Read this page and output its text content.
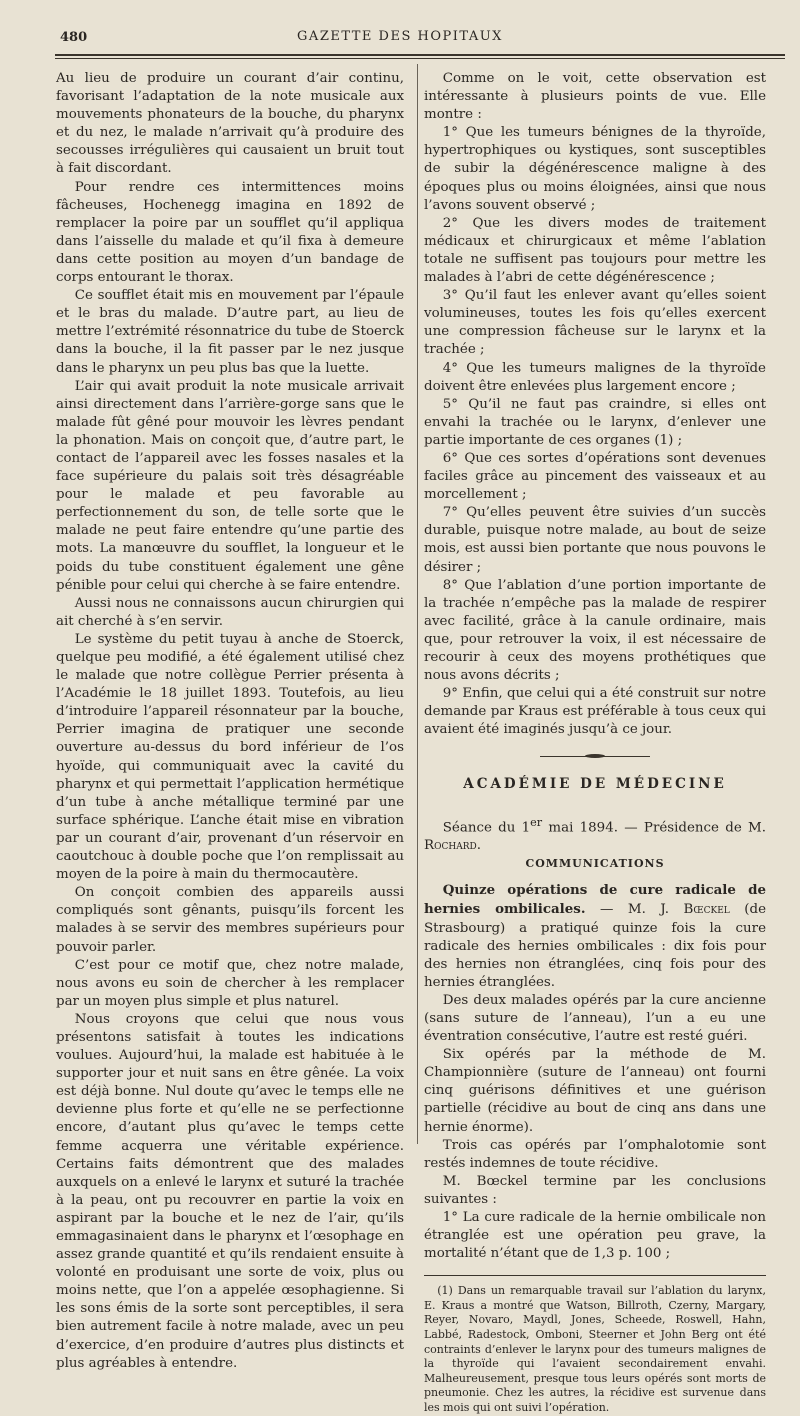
480	GAZETTE DES HOPITAUX

Au lieu de produire un courant d’air continu, favorisant l’adaptation de la note musicale aux mouvements phonateurs de la bouche, du pharynx et du nez, le malade n’arrivait qu’à produire des secousses irrégulières qui causaient un bruit tout à fait discordant.

Pour rendre ces intermittences moins fâcheuses, Hochenegg imagina en 1892 de remplacer la poire par un soufflet qu’il appliqua dans l’aisselle du malade et qu’il fixa à demeure dans cette position au moyen d’un bandage de corps entourant le thorax.

Ce soufflet était mis en mouvement par l’épaule et le bras du malade. D’autre part, au lieu de mettre l’extrémité résonnatrice du tube de Stoerck dans la bouche, il la fit passer par le nez jusque dans le pharynx un peu plus bas que la luette.

L’air qui avait produit la note musicale arrivait ainsi directement dans l’arrière-gorge sans que le malade fût gêné pour mouvoir les lèvres pendant la phonation. Mais on conçoit que, d’autre part, le contact de l’appareil avec les fosses nasales et la face supérieure du palais soit très désagréable pour le malade et peu favorable au perfectionnement du son, de telle sorte que le malade ne peut faire entendre qu’une partie des mots. La manœuvre du soufflet, la longueur et le poids du tube constituent également une gêne pénible pour celui qui cherche à se faire entendre.

Aussi nous ne connaissons aucun chirurgien qui ait cherché à s’en servir.

Le système du petit tuyau à anche de Stoerck, quelque peu modifié, a été également utilisé chez le malade que notre collègue Perrier présenta à l’Académie le 18 juillet 1893. Toutefois, au lieu d’introduire l’appareil résonnateur par la bouche, Perrier imagina de pratiquer une seconde ouverture au-dessus du bord inférieur de l’os hyoïde, qui communiquait avec la cavité du pharynx et qui permettait l’application hermétique d’un tube à anche métallique terminé par une surface sphérique. L’anche était mise en vibration par un courant d’air, provenant d’un réservoir en caoutchouc à double poche que l’on remplissait au moyen de la poire à main du thermocautère.

On conçoit combien des appareils aussi compliqués sont gênants, puisqu’ils forcent les malades à se servir des membres supérieurs pour pouvoir parler.

C’est pour ce motif que, chez notre malade, nous avons eu soin de chercher à les remplacer par un moyen plus simple et plus naturel.

Nous croyons que celui que nous vous présentons satisfait à toutes les indications voulues. Aujourd’hui, la malade est habituée à le supporter jour et nuit sans en être gênée. La voix est déjà bonne. Nul doute qu’avec le temps elle ne devienne plus forte et qu’elle ne se perfectionne encore, d’autant plus qu’avec le temps cette femme acquerra une véritable expérience. Certains faits démontrent que des malades auxquels on a enlevé le larynx et suturé la trachée à la peau, ont pu recouvrer en partie la voix en aspirant par la bouche et le nez de l’air, qu’ils emmagasinaient dans le pharynx et l’œsophage en assez grande quantité et qu’ils rendaient ensuite à volonté en produisant une sorte de voix, plus ou moins nette, que l’on a appelée œsophagienne. Si les sons émis de la sorte sont perceptibles, il sera bien autrement facile à notre malade, avec un peu d’exercice, d’en produire d’autres plus distincts et plus agréables à entendre.

Comme on le voit, cette observation est intéressante à plusieurs points de vue. Elle montre :

1° Que les tumeurs bénignes de la thyroïde, hypertrophiques ou kystiques, sont susceptibles de subir la dégénérescence maligne à des époques plus ou moins éloignées, ainsi que nous l’avons souvent observé ;

2° Que les divers modes de traitement médicaux et chirurgicaux et même l’ablation totale ne suffisent pas toujours pour mettre les malades à l’abri de cette dégénérescence ;

3° Qu’il faut les enlever avant qu’elles soient volumineuses, toutes les fois qu’elles exercent une compression fâcheuse sur le larynx et la trachée ;

4° Que les tumeurs malignes de la thyroïde doivent être enlevées plus largement encore ;

5° Qu’il ne faut pas craindre, si elles ont envahi la trachée ou le larynx, d’enlever une partie importante de ces organes (1) ;

6° Que ces sortes d’opérations sont devenues faciles grâce au pincement des vaisseaux et au morcellement ;

7° Qu’elles peuvent être suivies d’un succès durable, puisque notre malade, au bout de seize mois, est aussi bien portante que nous pouvons le désirer ;

8° Que l’ablation d’une portion importante de la trachée n’empêche pas la malade de respirer avec facilité, grâce à la canule ordinaire, mais que, pour retrouver la voix, il est nécessaire de recourir à ceux des moyens prothétiques que nous avons décrits ;

9° Enfin, que celui qui a été construit sur notre demande par Kraus est préférable à tous ceux qui avaient été imaginés jusqu’à ce jour.

ACADÉMIE DE MÉDECINE

Séance du 1er mai 1894. — Présidence de M. Rochard.

COMMUNICATIONS

Quinze opérations de cure radicale de hernies ombilicales. — M. J. Bœckel (de Strasbourg) a pratiqué quinze fois la cure radicale des hernies ombilicales : dix fois pour des hernies non étranglées, cinq fois pour des hernies étranglées.

Des deux malades opérés par la cure ancienne (sans suture de l’anneau), l’un a eu une éventration consécutive, l’autre est resté guéri.

Six opérés par la méthode de M. Championnière (suture de l’anneau) ont fourni cinq guérisons définitives et une guérison partielle (récidive au bout de cinq ans dans une hernie énorme).

Trois cas opérés par l’omphalotomie sont restés indemnes de toute récidive.

M. Bœckel termine par les conclusions suivantes :

1° La cure radicale de la hernie ombilicale non étranglée est une opération peu grave, la mortalité n’étant que de 1,3 p. 100 ;

(1) Dans un remarquable travail sur l’ablation du larynx, E. Kraus a montré que Watson, Billroth, Czerny, Margary, Reyer, Novaro, Maydl, Jones, Scheede, Roswell, Hahn, Labbé, Radestock, Omboni, Steerner et John Berg ont été contraints d’enlever le larynx pour des tumeurs malignes de la thyroïde qui l’avaient secondairement envahi. Malheureusement, presque tous leurs opérés sont morts de pneumonie. Chez les autres, la récidive est survenue dans les mois qui ont suivi l’opération.
